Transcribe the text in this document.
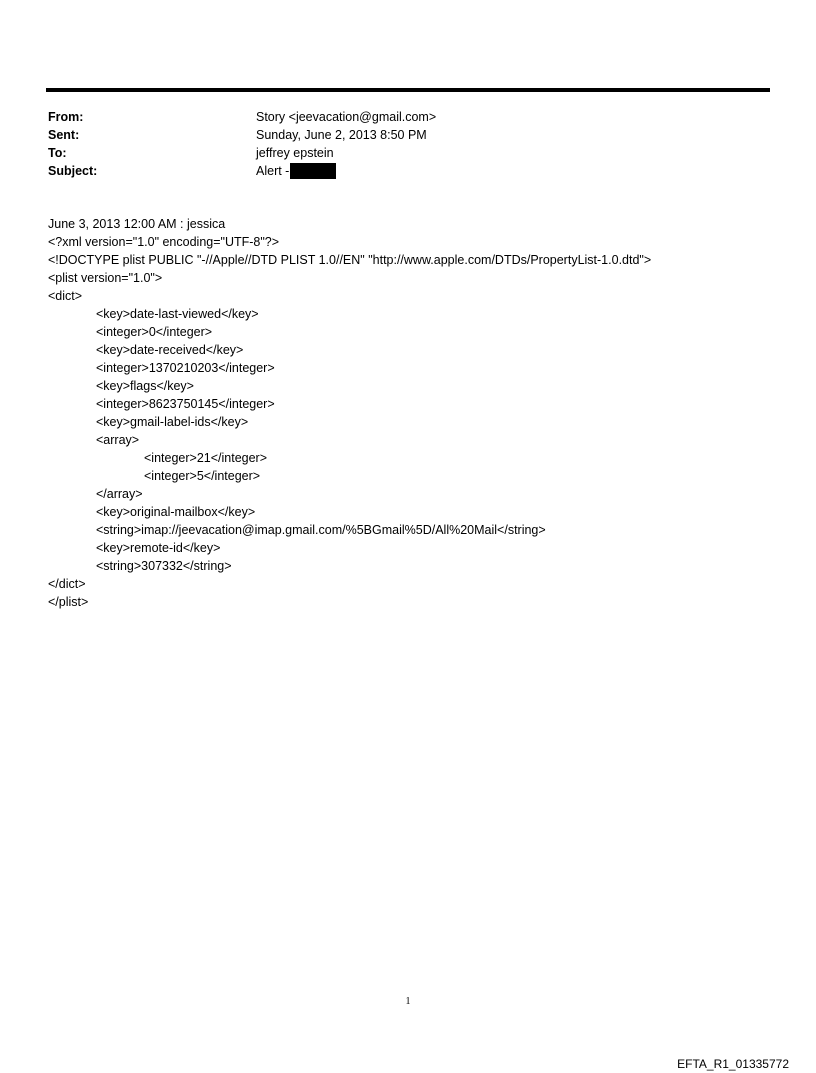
From:	Story <jeevacation@gmail.com>
Sent:	Sunday, June 2, 2013 8:50 PM
To:	jeffrey epstein
Subject:	Alert -
June 3, 2013 12:00 AM : jessica
<?xml version="1.0" encoding="UTF-8"?>
<!DOCTYPE plist PUBLIC "-//Apple//DTD PLIST 1.0//EN" "http://www.apple.com/DTDs/PropertyList-1.0.dtd">
<plist version="1.0">
<dict>
<key>date-last-viewed</key>
<integer>0</integer>
<key>date-received</key>
<integer>1370210203</integer>
<key>flags</key>
<integer>8623750145</integer>
<key>gmail-label-ids</key>
<array>
<integer>21</integer>
<integer>5</integer>
</array>
<key>original-mailbox</key>
<string>imap://jeevacation@imap.gmail.com/%5BGmail%5D/All%20Mail</string>
<key>remote-id</key>
<string>307332</string>
</dict>
</plist>
1
EFTA_R1_01335772
